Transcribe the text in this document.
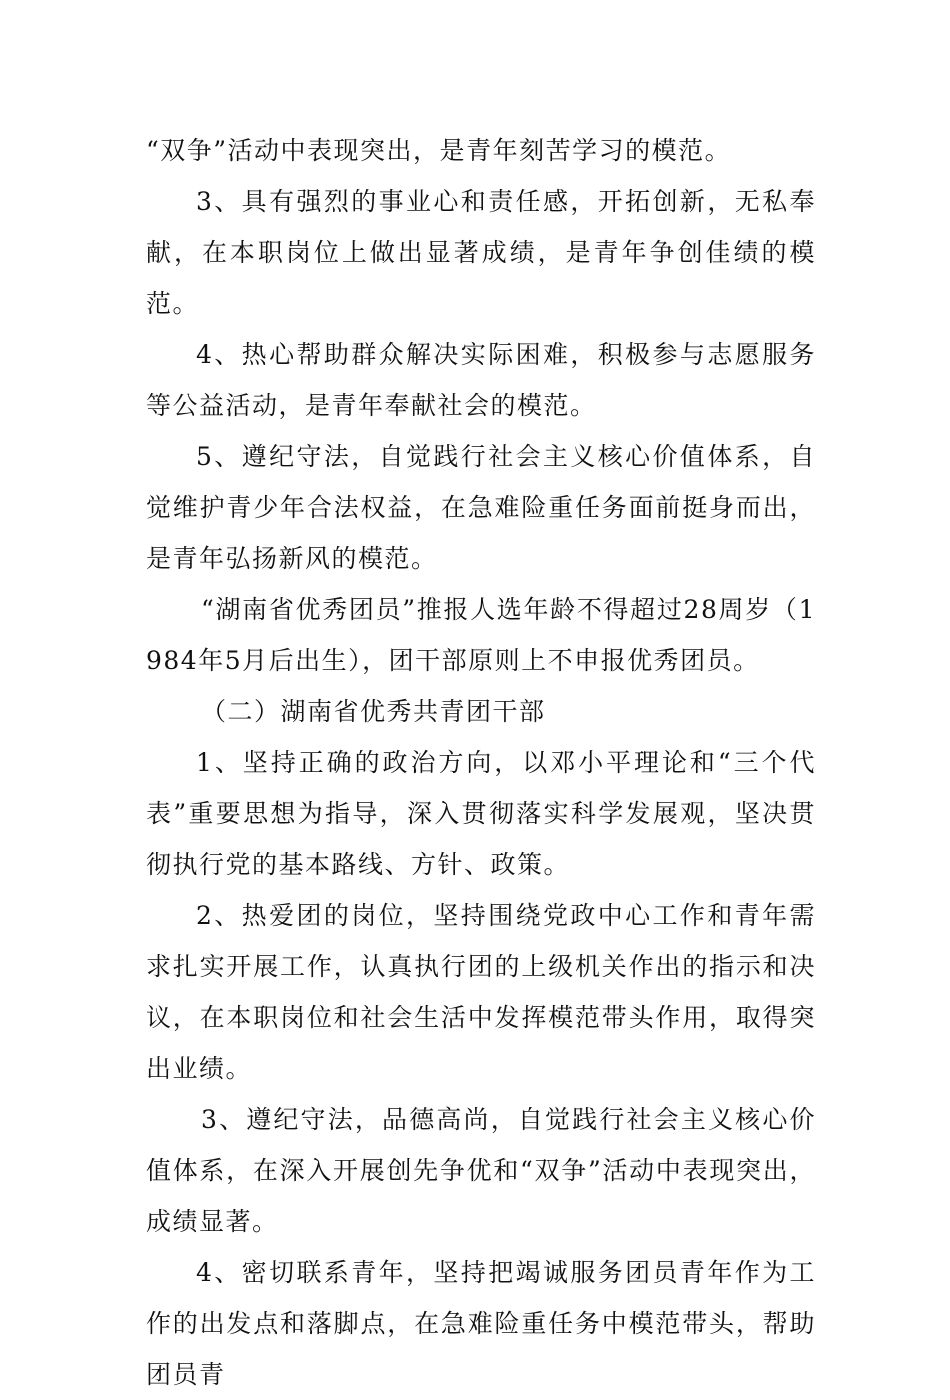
“双争”活动中表现突出，是青年刻苦学习的模范。

3、具有强烈的事业心和责任感，开拓创新，无私奉献，在本职岗位上做出显著成绩，是青年争创佳绩的模范。

4、热心帮助群众解决实际困难，积极参与志愿服务等公益活动，是青年奉献社会的模范。

5、遵纪守法，自觉践行社会主义核心价值体系，自觉维护青少年合法权益，在急难险重任务面前挺身而出，是青年弘扬新风的模范。

“湖南省优秀团员”推报人选年龄不得超过28周岁（1984年5月后出生），团干部原则上不申报优秀团员。

（二）湖南省优秀共青团干部

1、坚持正确的政治方向，以邓小平理论和“三个代表”重要思想为指导，深入贯彻落实科学发展观，坚决贯彻执行党的基本路线、方针、政策。

2、热爱团的岗位，坚持围绕党政中心工作和青年需求扎实开展工作，认真执行团的上级机关作出的指示和决议，在本职岗位和社会生活中发挥模范带头作用，取得突出业绩。

3、遵纪守法，品德高尚，自觉践行社会主义核心价值体系，在深入开展创先争优和“双争”活动中表现突出，成绩显著。

4、密切联系青年，坚持把竭诚服务团员青年作为工作的出发点和落脚点，在急难险重任务中模范带头，帮助团员青
